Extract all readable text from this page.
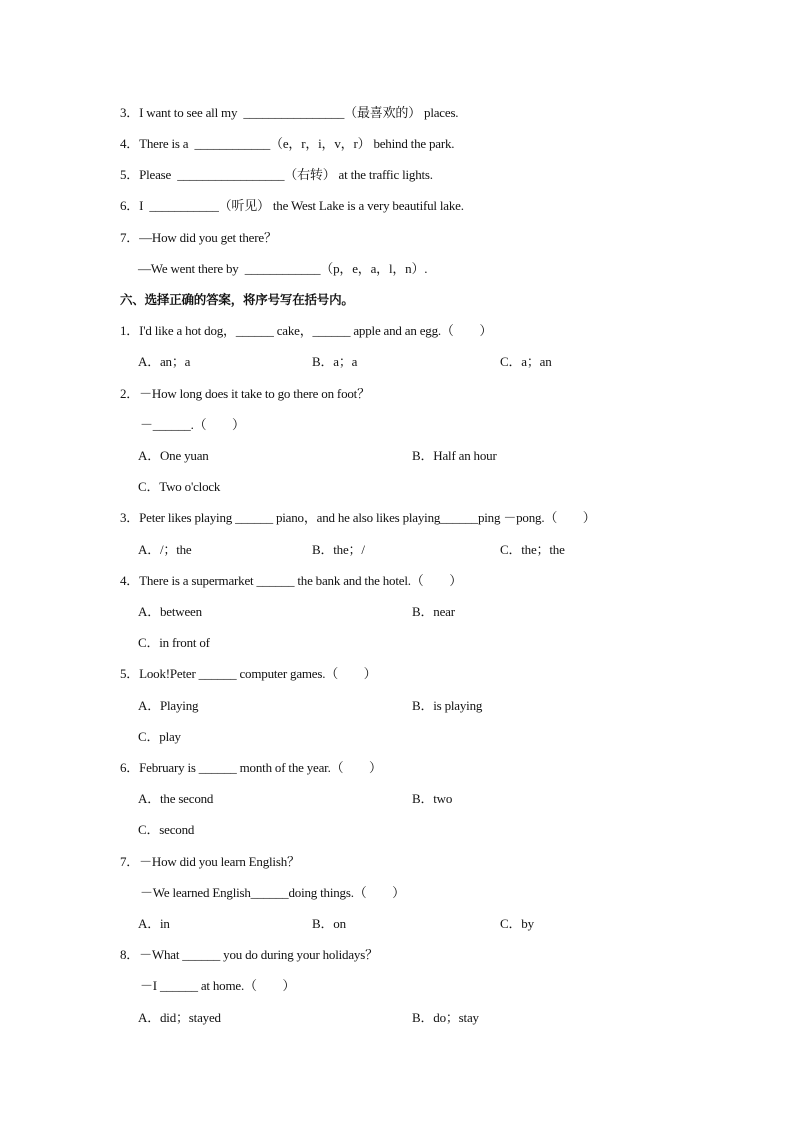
3．I want to see all my  ________________（最喜欢的） places.
4．There is a  ____________（e，r，i，v，r） behind the park.
5．Please  _________________（右转） at the traffic lights.
6．I  ___________（听见） the West Lake is a very beautiful lake.
7．—How did you get there？
—We went there by  ____________（p，e，a，l，n）.
六、选择正确的答案，将序号写在括号内。
1．I'd like a hot dog，______ cake，______ apple and an egg.（　　）
A．an；a	B．a；a	C．a；an
2．－How long does it take to go there on foot？
－______.（　　）
A．One yuan	B．Half an hour
C．Two o'clock
3．Peter likes playing ______ piano，and he also likes playing______ping －pong.（　　）
A．/；the	B．the；/	C．the；the
4．There is a supermarket ______ the bank and the hotel.（　　）
A．between	B．near
C．in front of
5．Look!Peter ______ computer games.（　　）
A．Playing	B．is playing
C．play
6．February is ______ month of the year.（　　）
A．the second	B．two
C．second
7．－How did you learn English？
－We learned English______doing things.（　　）
A．in	B．on	C．by
8．－What ______ you do during your holidays？
－I ______ at home.（　　）
A．did；stayed	B．do；stay
